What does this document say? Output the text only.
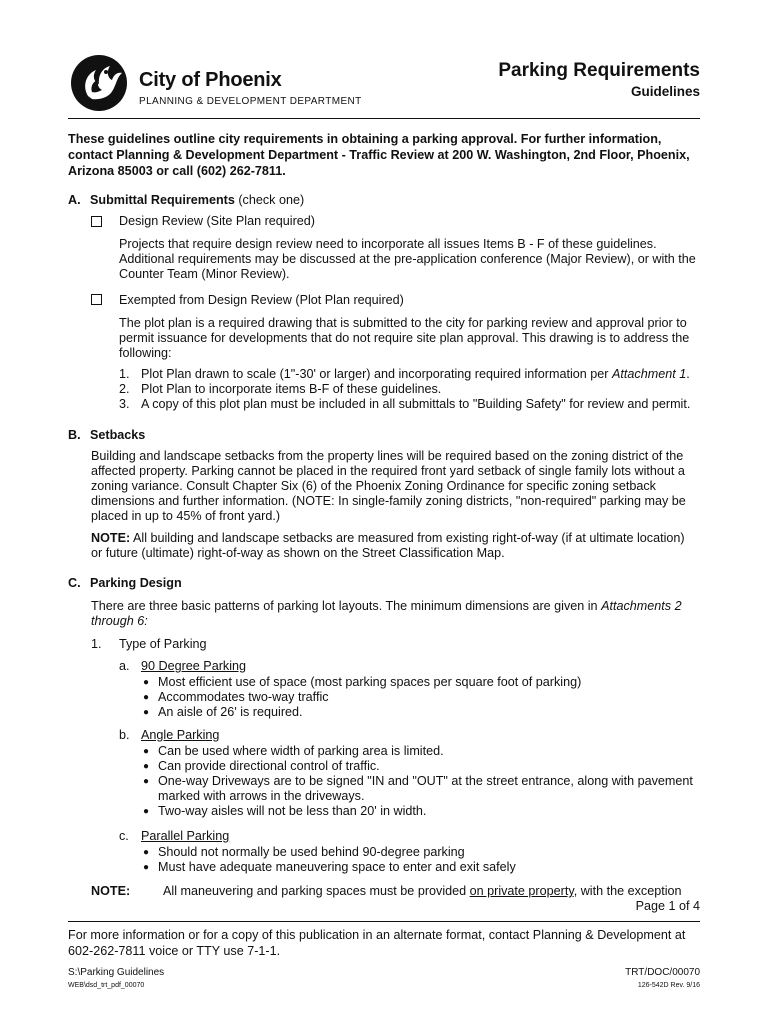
City of Phoenix
PLANNING & DEVELOPMENT DEPARTMENT
Parking Requirements
Guidelines
These guidelines outline city requirements in obtaining a parking approval. For further information, contact Planning & Development Department - Traffic Review at 200 W. Washington, 2nd Floor, Phoenix, Arizona 85003 or call (602) 262-7811.
A. Submittal Requirements (check one)
Design Review (Site Plan required)
Projects that require design review need to incorporate all issues Items B - F of these guidelines. Additional requirements may be discussed at the pre-application conference (Major Review), or with the Counter Team (Minor Review).
Exempted from Design Review (Plot Plan required)
The plot plan is a required drawing that is submitted to the city for parking review and approval prior to permit issuance for developments that do not require site plan approval. This drawing is to address the following:
1. Plot Plan drawn to scale (1"-30' or larger) and incorporating required information per Attachment 1.
2. Plot Plan to incorporate items B-F of these guidelines.
3. A copy of this plot plan must be included in all submittals to "Building Safety" for review and permit.
B. Setbacks
Building and landscape setbacks from the property lines will be required based on the zoning district of the affected property. Parking cannot be placed in the required front yard setback of single family lots without a zoning variance. Consult Chapter Six (6) of the Phoenix Zoning Ordinance for specific zoning setback dimensions and further information. (NOTE: In single-family zoning districts, "non-required" parking may be placed in up to 45% of front yard.)
NOTE: All building and landscape setbacks are measured from existing right-of-way (if at ultimate location) or future (ultimate) right-of-way as shown on the Street Classification Map.
C. Parking Design
There are three basic patterns of parking lot layouts. The minimum dimensions are given in Attachments 2 through 6:
1. Type of Parking
a. 90 Degree Parking
● Most efficient use of space (most parking spaces per square foot of parking)
● Accommodates two-way traffic
● An aisle of 26' is required.
b. Angle Parking
● Can be used where width of parking area is limited.
● Can provide directional control of traffic.
● One-way Driveways are to be signed "IN and "OUT" at the street entrance, along with pavement marked with arrows in the driveways.
● Two-way aisles will not be less than 20' in width.
c. Parallel Parking
● Should not normally be used behind 90-degree parking
● Must have adequate maneuvering space to enter and exit safely
NOTE:	All maneuvering and parking spaces must be provided on private property, with the exception
Page 1 of 4
For more information or for a copy of this publication in an alternate format, contact Planning & Development at 602-262-7811 voice or TTY use 7-1-1.
S:\Parking Guidelines
WEB\dsd_trt_pdf_00070
TRT/DOC/00070
126-542D Rev. 9/16
